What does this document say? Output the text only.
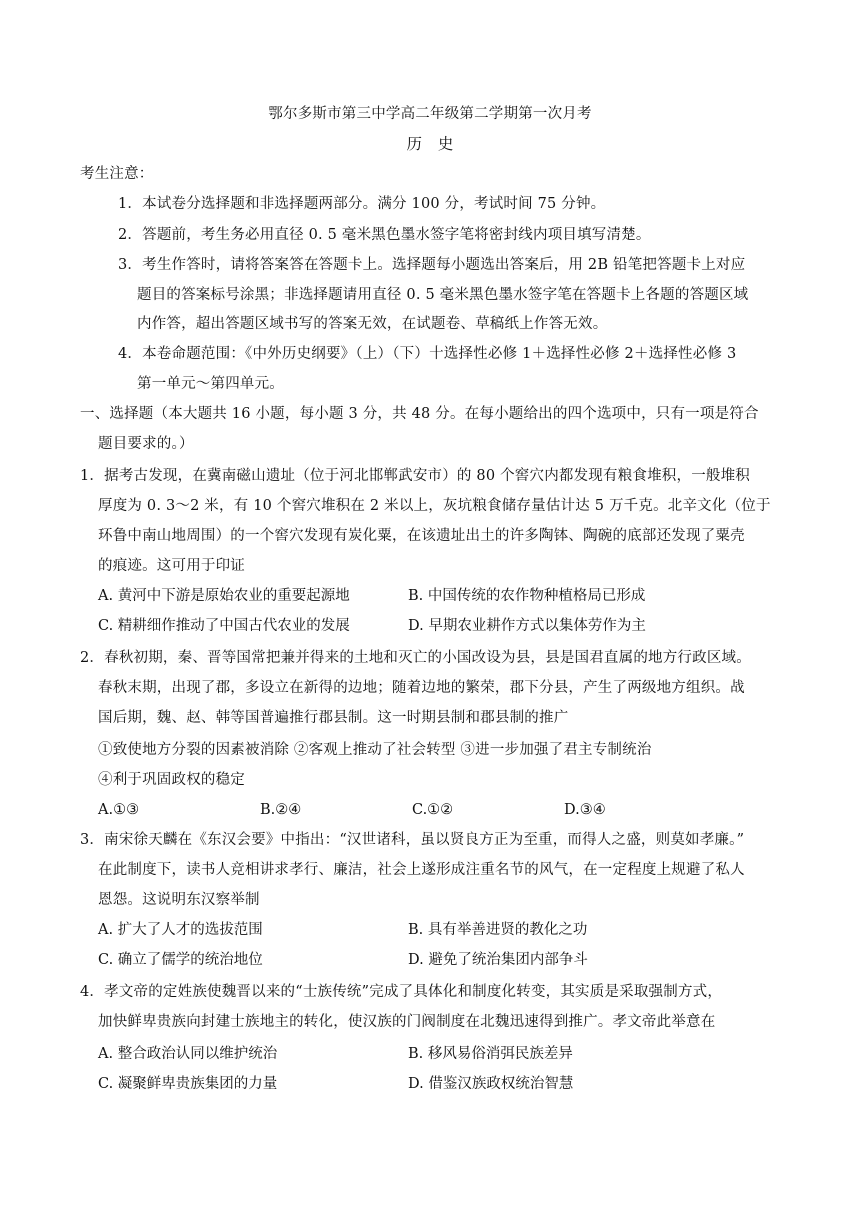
鄂尔多斯市第三中学高二年级第二学期第一次月考
历　史
考生注意：
1．本试卷分选择题和非选择题两部分。满分 100 分，考试时间 75 分钟。
2．答题前，考生务必用直径 0. 5 毫米黑色墨水签字笔将密封线内项目填写清楚。
3．考生作答时，请将答案答在答题卡上。选择题每小题选出答案后，用 2B 铅笔把答题卡上对应
题目的答案标号涂黑；非选择题请用直径 0. 5 毫米黑色墨水签字笔在答题卡上各题的答题区域
内作答，超出答题区域书写的答案无效，在试题卷、草稿纸上作答无效。
4．本卷命题范围：《中外历史纲要》（上）（下）十选择性必修 1＋选择性必修 2＋选择性必修 3
第一单元～第四单元。
一、选择题（本大题共 16 小题，每小题 3 分，共 48 分。在每小题给出的四个选项中，只有一项是符合
题目要求的。）
1．据考古发现，在冀南磁山遗址（位于河北邯郸武安市）的 80 个窖穴内都发现有粮食堆积，一般堆积
厚度为 0. 3～2 米，有 10 个窖穴堆积在 2 米以上，灰坑粮食储存量估计达 5 万千克。北辛文化（位于
环鲁中南山地周围）的一个窖穴发现有炭化粟，在该遗址出土的许多陶钵、陶碗的底部还发现了粟壳
的痕迹。这可用于印证
A. 黄河中下游是原始农业的重要起源地	B. 中国传统的农作物种植格局已形成
C. 精耕细作推动了中国古代农业的发展	D. 早期农业耕作方式以集体劳作为主
2．春秋初期，秦、晋等国常把兼并得来的土地和灭亡的小国改设为县，县是国君直属的地方行政区域。
春秋末期，出现了郡，多设立在新得的边地；随着边地的繁荣，郡下分县，产生了两级地方组织。战
国后期，魏、赵、韩等国普遍推行郡县制。这一时期县制和郡县制的推广
①致使地方分裂的因素被消除 ②客观上推动了社会转型 ③进一步加强了君主专制统治
④利于巩固政权的稳定
A.①③	B.②④	C.①②	D.③④
3．南宋徐天麟在《东汉会要》中指出：“汉世诸科，虽以贤良方正为至重，而得人之盛，则莫如孝廉。”
在此制度下，读书人竞相讲求孝行、廉洁，社会上遂形成注重名节的风气，在一定程度上规避了私人
恩怨。这说明东汉察举制
A. 扩大了人才的选拔范围	B. 具有举善进贤的教化之功
C. 确立了儒学的统治地位	D. 避免了统治集团内部争斗
4．孝文帝的定姓族使魏晋以来的“士族传统”完成了具体化和制度化转变，其实质是采取强制方式，
加快鲜卑贵族向封建士族地主的转化，使汉族的门阀制度在北魏迅速得到推广。孝文帝此举意在
A. 整合政治认同以维护统治	B. 移风易俗消弭民族差异
C. 凝聚鲜卑贵族集团的力量	D. 借鉴汉族政权统治智慧
